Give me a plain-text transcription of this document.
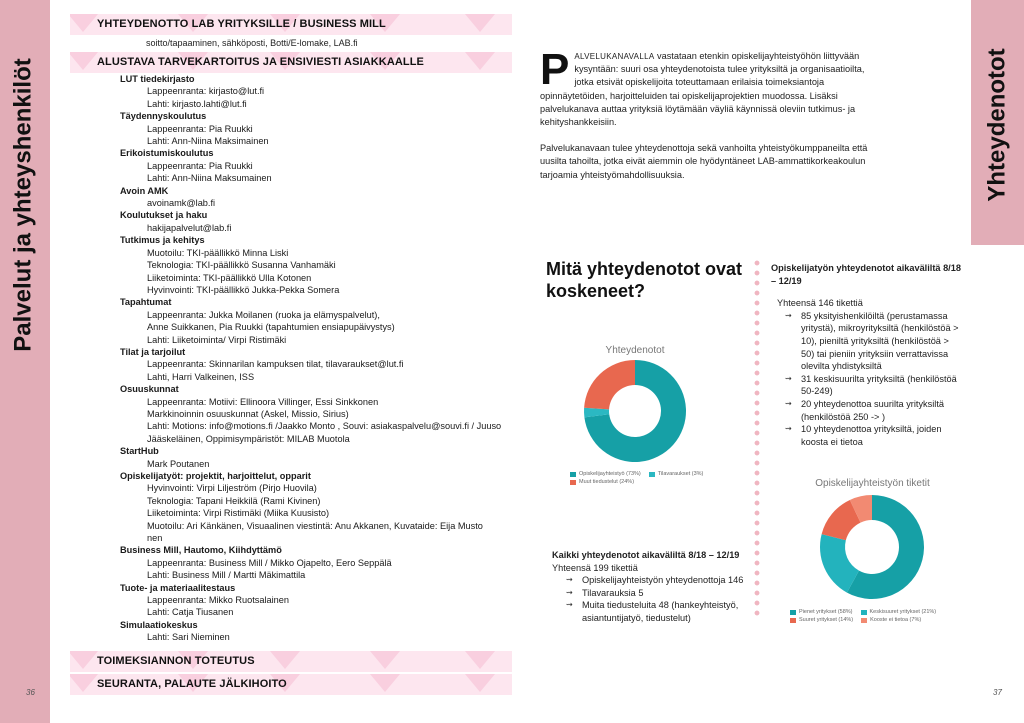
Palvelut ja yhteyshenkilöt
36
YHTEYDENOTTO LAB YRITYKSILLE / BUSINESS MILL
soitto/tapaaminen, sähköposti, Botti/E-lomake, LAB.fi
ALUSTAVA TARVEKARTOITUS JA ENSIVIESTI ASIAKKAALLE
LUT tiedekirjasto
Lappeenranta: kirjasto@lut.fi
Lahti: kirjasto.lahti@lut.fi
Täydennyskoulutus
Lappeenranta: Pia Ruukki
Lahti: Ann-Niina Maksimainen
Erikoistumiskoulutus
Lappeenranta: Pia Ruukki
Lahti: Ann-Niina Maksumainen
Avoin AMK
avoinamk@lab.fi
Koulutukset ja haku
hakijapalvelut@lab.fi
Tutkimus ja kehitys
Muotoilu: TKI-päällikkö Minna Liski
Teknologia: TKI-päällikkö Susanna Vanhamäki
Liiketoiminta: TKI-päällikkö Ulla Kotonen
Hyvinvointi: TKI-päällikkö Jukka-Pekka Somera
Tapahtumat
Lappeenranta: Jukka Moilanen (ruoka ja elämyspalvelut),
Anne Suikkanen, Pia Ruukki (tapahtumien ensiapupäivystys)
Lahti: Liiketoiminta/ Virpi Ristimäki
Tilat ja tarjoilut
Lappeenranta: Skinnarilan kampuksen tilat, tilavaraukset@lut.fi
Lahti, Harri Valkeinen, ISS
Osuuskunnat
Lappeenranta: Motiivi: Ellinoora Villinger, Essi Sinkkonen
Markkinoinnin osuuskunnat (Askel, Missio, Sirius)
Lahti: Motions: info@motions.fi /Jaakko Monto , Souvi: asiakaspalvelu@souvi.fi / Juuso
Jääskeläinen, Oppimisympäristöt: MILAB Muotola
StartHub
Mark Poutanen
Opiskelijatyöt: projektit, harjoittelut, opparit
Hyvinvointi: Virpi Liljeström (Pirjo Huovila)
Teknologia: Tapani Heikkilä (Rami Kivinen)
Liiketoiminta: Virpi Ristimäki (Miika Kuusisto)
Muotoilu: Ari Känkänen, Visuaalinen viestintä: Anu Akkanen, Kuvataide: Eija Musto
nen
Business Mill, Hautomo, Kiihdyttämö
Lappeenranta: Business Mill / Mikko Ojapelto, Eero Seppälä
Lahti: Business Mill / Martti Mäkimattila
Tuote- ja materiaalitestaus
Lappeenranta: Mikko Ruotsalainen
Lahti: Catja Tiusanen
Simulaatiokeskus
Lahti: Sari Nieminen
TOIMEKSIANNON TOTEUTUS
SEURANTA, PALAUTE JÄLKIHOITO
Yhteydenotot
37

PALVELUKANAVALLA vastataan etenkin opiskelijayhteistyöhön liittyvään kysyntään: suuri osa yhteydenotoista tulee yrityksiltä ja organisaatioilta, jotka etsivät opiskelijoita toteuttamaan erilaisia toimeksiantoja opinnäytetöiden, harjoitteluiden tai opiskelijaprojektien muodossa. Lisäksi palvelukanava auttaa yrityksiä löytämään väyliä käynnissä oleviin tutkimus- ja kehityshankkeisiin.

Palvelukanavaan tulee yhteydenottoja sekä vanhoilta yhteistyökumppaneilta että uusilta tahoilta, jotka eivät aiemmin ole hyödyntäneet LAB-ammattikorkeakoulun tarjoamia yhteistyömahdollisuuksia.

Mitä yhteydenotot ovat koskeneet?
Yhteydenotot
Opiskelijayhteistyö (73%)	Tilavaraukset (3%)
Muut tiedustelut (24%)	Opiskelijayhteistyön tiketit
Pienet yritykset (58%)	Keskisuuret yritykset (21%)
Suuret yritykset (14%)	Kooste ei tietoa (7%)
Kaikki yhteydenotot aikaväliltä 8/18 – 12/19
Yhteensä 199 tikettiä
⇝ Opiskelijayhteistyön yhteydenottoja 146
⇝ Tilavarauksia 5
⇝ Muita tiedusteluita 48 (hankeyhteistyö, asiantuntijatyö, tiedustelut)
Opiskelijatyön yhteydenotot aikaväliltä 8/18 – 12/19
Yhteensä 146 tikettiä
⇝ 85 yksityishenkilöiltä (perustamassa yritystä), mikroyrityksiltä (henkilöstöä > 10), pieniltä yrityksiltä (henkilöstöä > 50) tai pieniin yrityksiin verrattavissa olevilta yhdistyksiltä
⇝ 31 keskisuurilta yrityksiltä (henkilöstöä 50-249)
⇝ 20 yhteydenottoa suurilta yrityksiltä (henkilöstöä 250 -> )
⇝ 10 yhteydenottoa yrityksiltä, joiden koosta ei tietoa
